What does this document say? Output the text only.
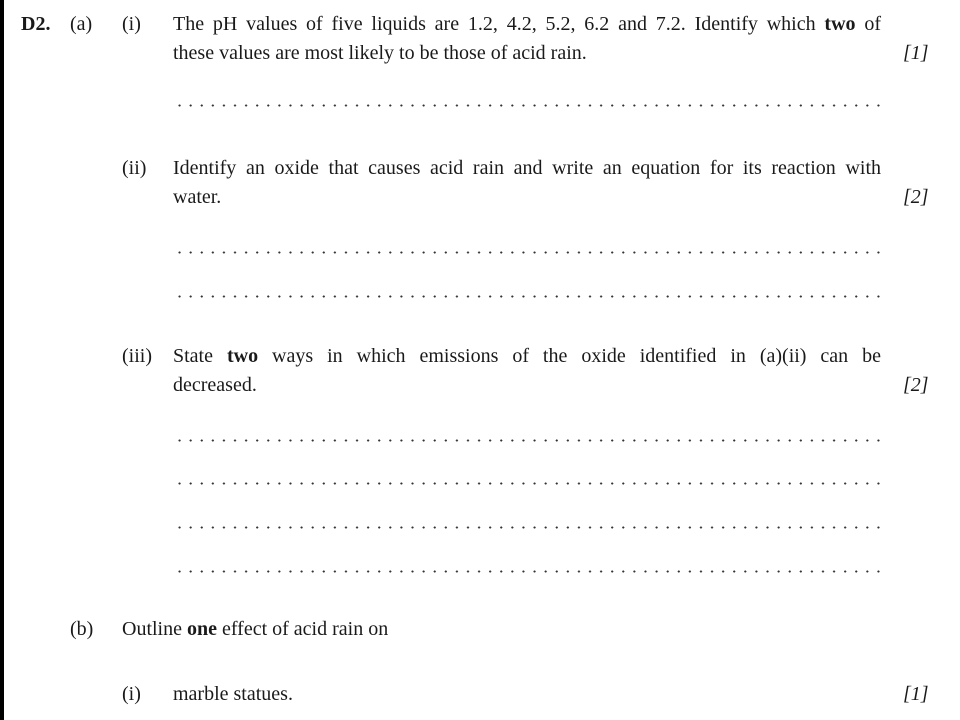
D2. (a) (i) The pH values of five liquids are 1.2, 4.2, 5.2, 6.2 and 7.2. Identify which two of
these values are most likely to be those of acid rain.	[1]
(ii) Identify an oxide that causes acid rain and write an equation for its reaction with
water.	[2]
(iii) State two ways in which emissions of the oxide identified in (a)(ii) can be
decreased.	[2]
(b) Outline one effect of acid rain on
(i) marble statues.	[1]
